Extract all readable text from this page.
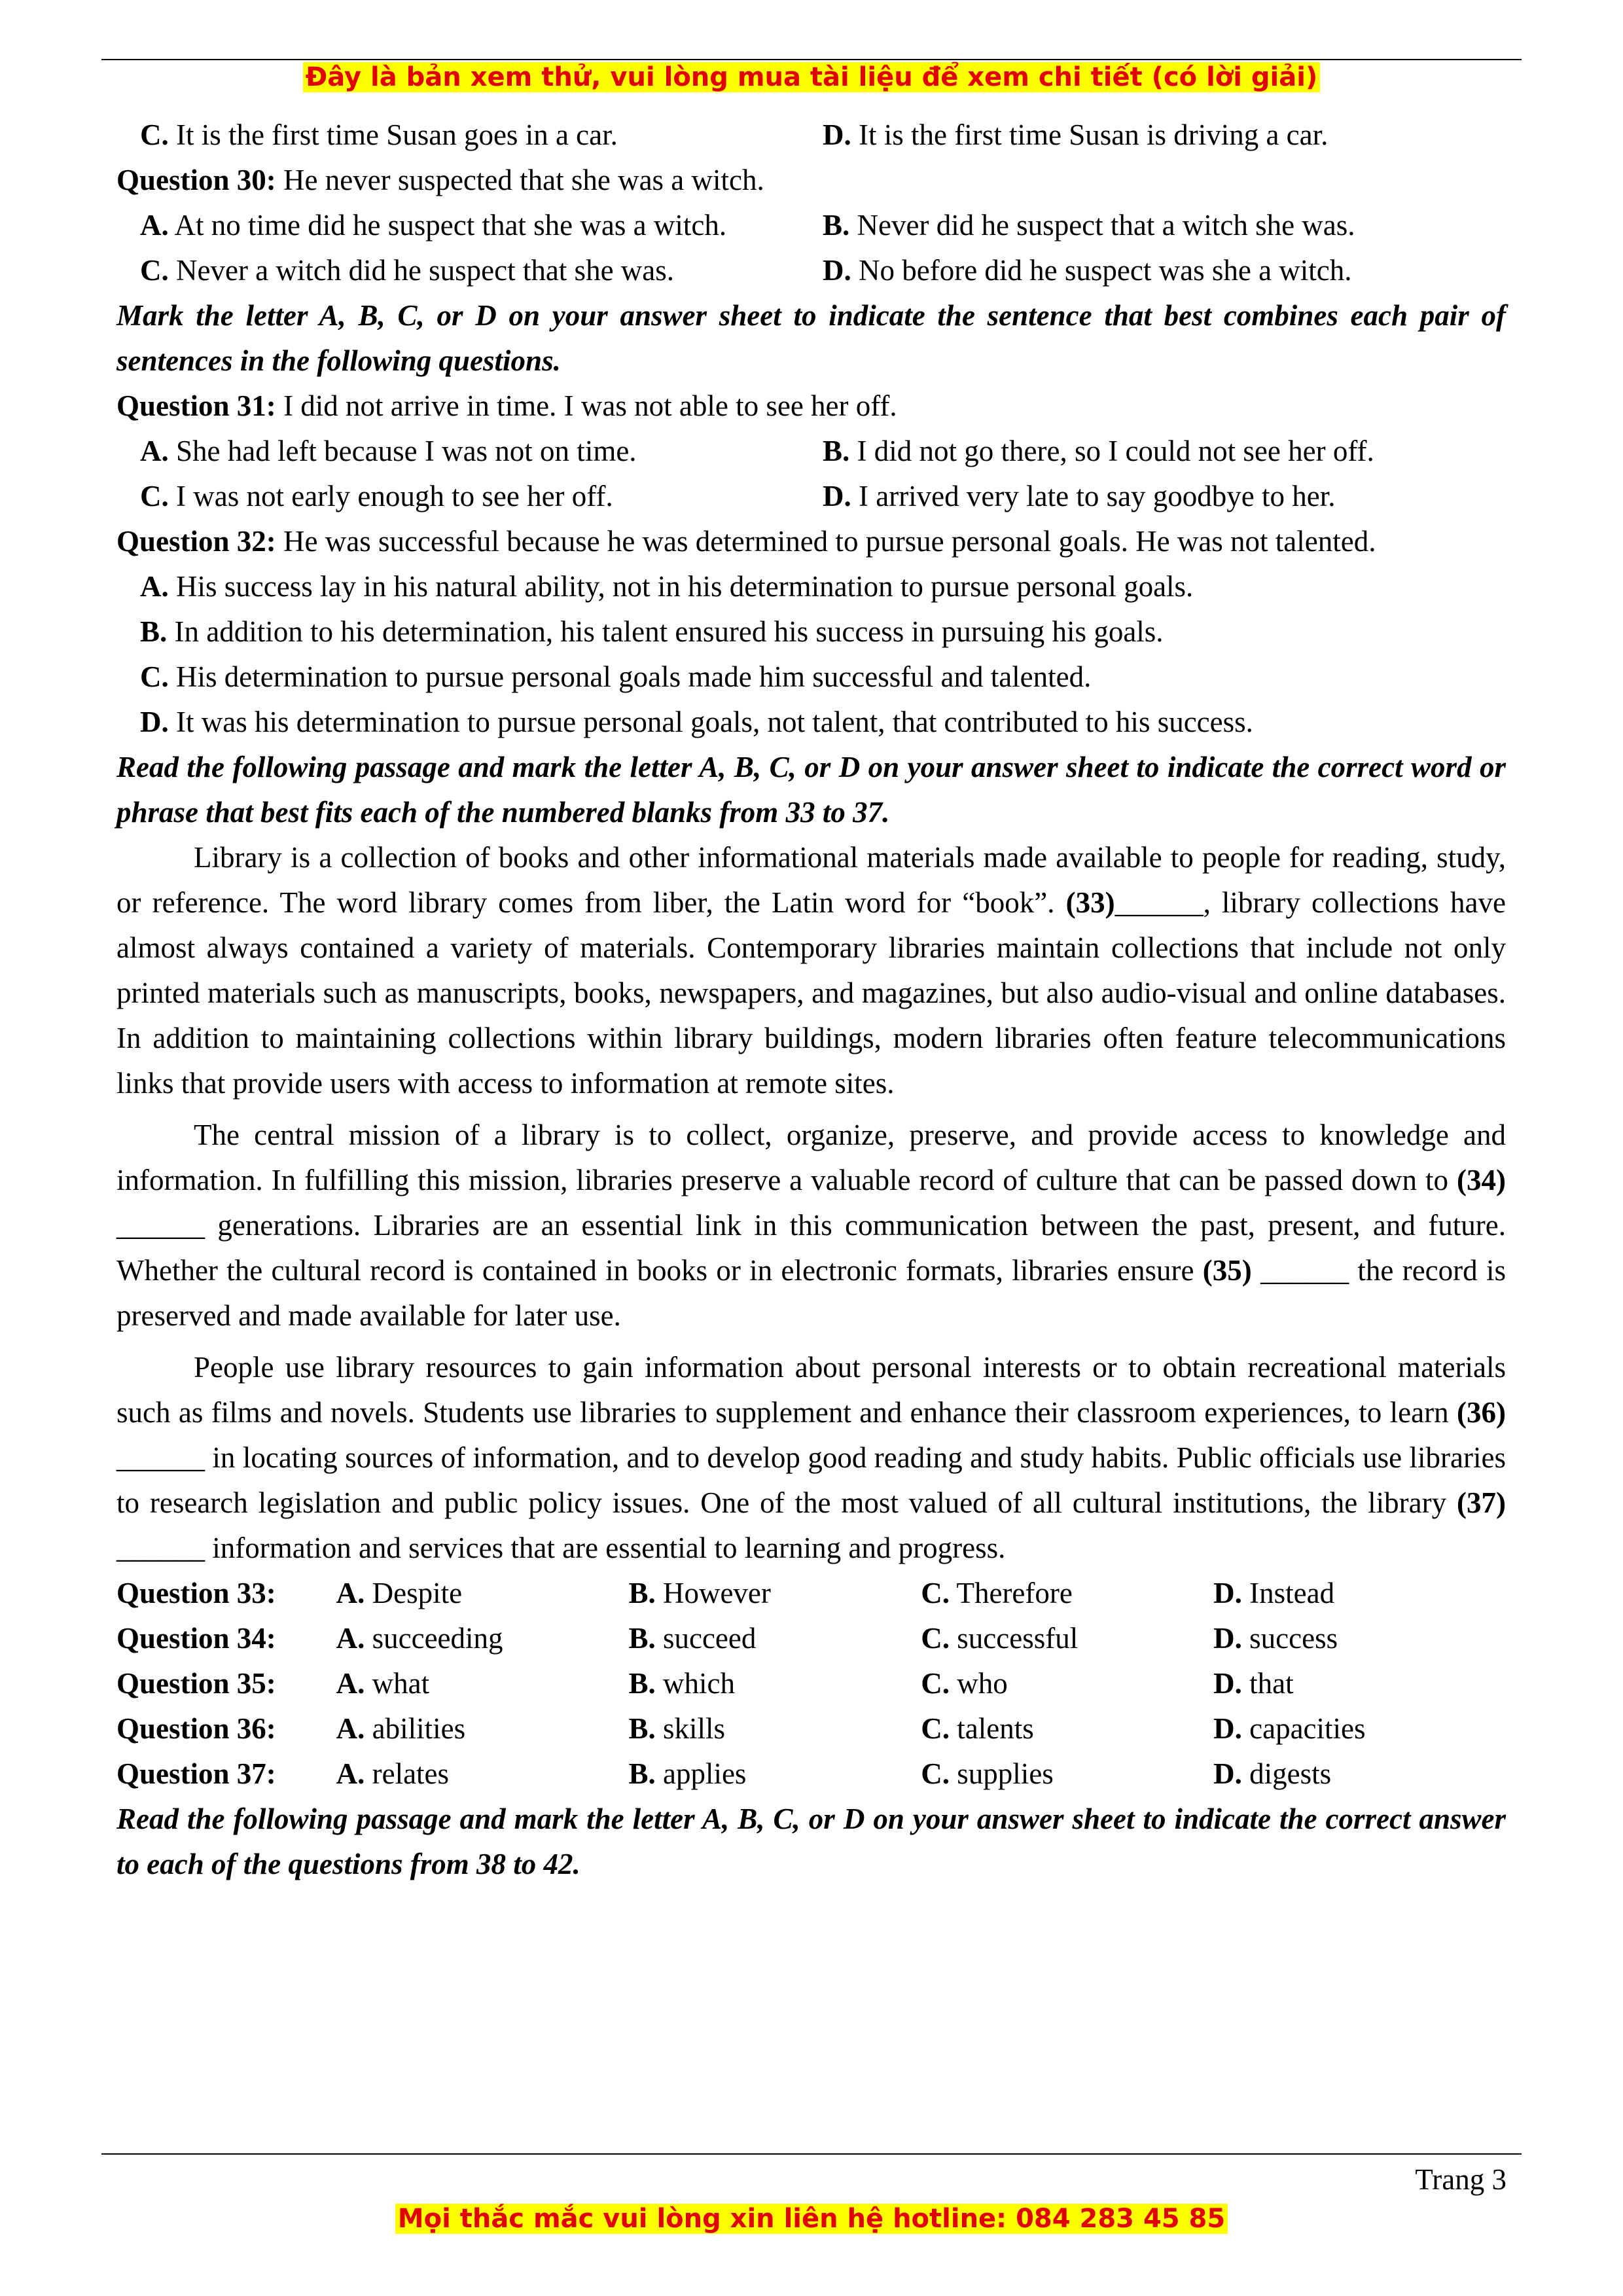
Đây là bản xem thử, vui lòng mua tài liệu để xem chi tiết (có lời giải)
C. It is the first time Susan goes in a car.	D. It is the first time Susan is driving a car.

Question 30: He never suspected that she was a witch.

A. At no time did he suspect that she was a witch.	B. Never did he suspect that a witch she was.
C. Never a witch did he suspect that she was.	D. No before did he suspect was she a witch.

Mark the letter A, B, C, or D on your answer sheet to indicate the sentence that best combines each pair of sentences in the following questions.

Question 31: I did not arrive in time. I was not able to see her off.

A. She had left because I was not on time.	B. I did not go there, so I could not see her off.
C. I was not early enough to see her off.	D. I arrived very late to say goodbye to her.

Question 32: He was successful because he was determined to pursue personal goals. He was not talented.

A. His success lay in his natural ability, not in his determination to pursue personal goals.
B. In addition to his determination, his talent ensured his success in pursuing his goals.
C. His determination to pursue personal goals made him successful and talented.
D. It was his determination to pursue personal goals, not talent, that contributed to his success.

Read the following passage and mark the letter A, B, C, or D on your answer sheet to indicate the correct word or phrase that best fits each of the numbered blanks from 33 to 37.

Library is a collection of books and other informational materials made available to people for reading, study, or reference. The word library comes from liber, the Latin word for “book”. (33)______, library collections have almost always contained a variety of materials. Contemporary libraries maintain collections that include not only printed materials such as manuscripts, books, newspapers, and magazines, but also audio-visual and online databases. In addition to maintaining collections within library buildings, modern libraries often feature telecommunications links that provide users with access to information at remote sites.

The central mission of a library is to collect, organize, preserve, and provide access to knowledge and information. In fulfilling this mission, libraries preserve a valuable record of culture that can be passed down to (34) ______ generations. Libraries are an essential link in this communication between the past, present, and future. Whether the cultural record is contained in books or in electronic formats, libraries ensure (35) ______ the record is preserved and made available for later use.

People use library resources to gain information about personal interests or to obtain recreational materials such as films and novels. Students use libraries to supplement and enhance their classroom experiences, to learn (36) ______ in locating sources of information, and to develop good reading and study habits. Public officials use libraries to research legislation and public policy issues. One of the most valued of all cultural institutions, the library (37) ______ information and services that are essential to learning and progress.

Question 33:	A. Despite	B. However	C. Therefore	D. Instead
Question 34:	A. succeeding	B. succeed	C. successful	D. success
Question 35:	A. what	B. which	C. who	D. that
Question 36:	A. abilities	B. skills	C. talents	D. capacities
Question 37:	A. relates	B. applies	C. supplies	D. digests

Read the following passage and mark the letter A, B, C, or D on your answer sheet to indicate the correct answer to each of the questions from 38 to 42.

Trang 3
Mọi thắc mắc vui lòng xin liên hệ hotline: 084 283 45 85
